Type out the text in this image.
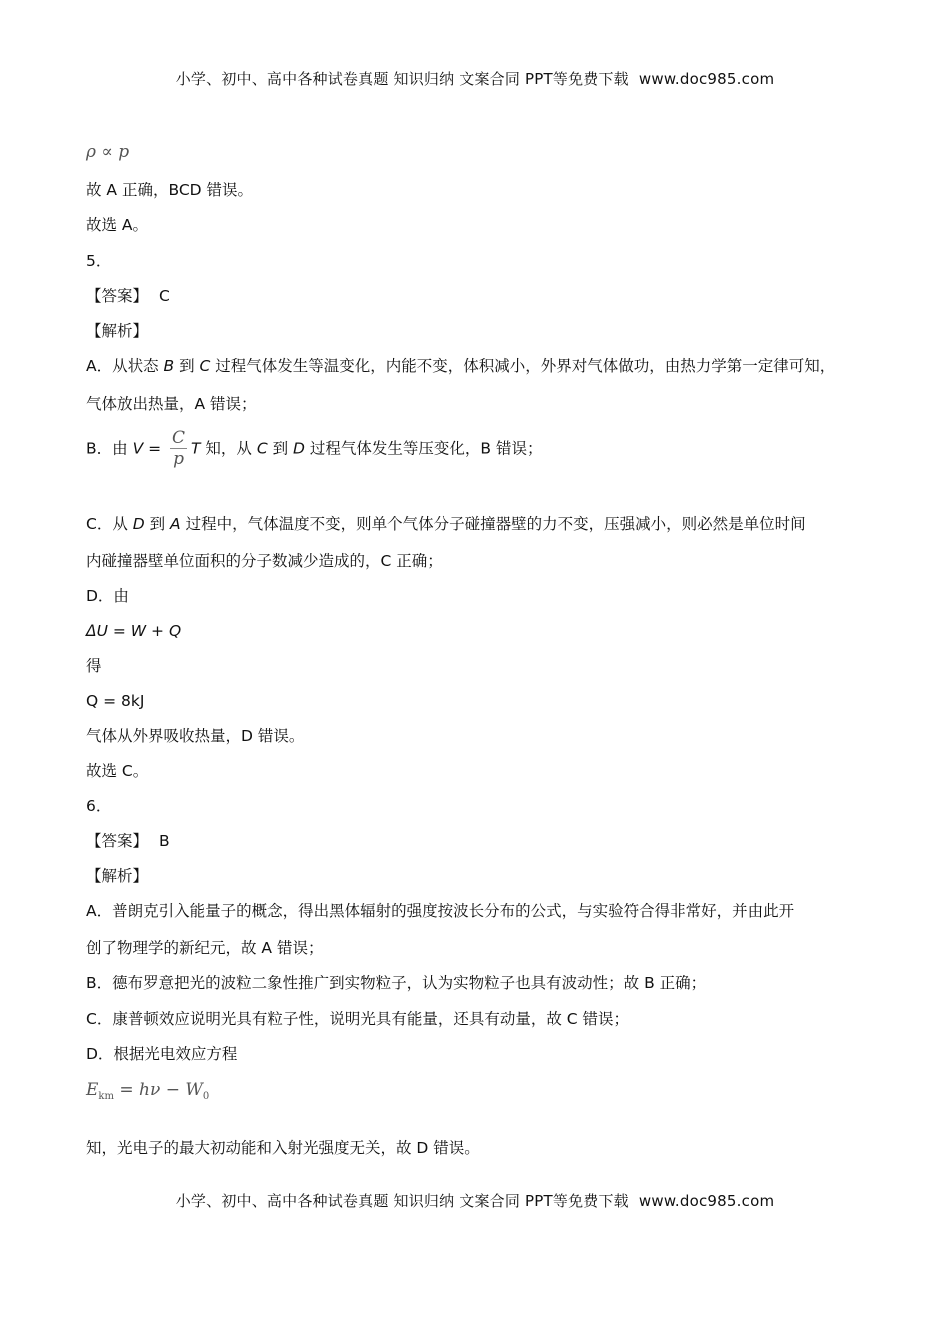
小学、初中、高中各种试卷真题 知识归纳 文案合同 PPT等免费下载 www.doc985.com
ρ ∝ p
故 A 正确，BCD 错误。
故选 A。
5．
【答案】 C
【解析】
A．从状态 B 到 C 过程气体发生等温变化，内能不变，体积减小，外界对气体做功，由热力学第一定律可知，
气体放出热量，A 错误；
B．由 $V = \frac{C}{p}$ T 知，从 C 到 D 过程气体发生等压变化，B 错误；
C．从 D 到 A 过程中，气体温度不变，则单个气体分子碰撞器壁的力不变，压强减小，则必然是单位时间
内碰撞器壁单位面积的分子数减少造成的，C 正确；
D．由
ΔU = W + Q
得
Q = 8kJ
气体从外界吸收热量，D 错误。
故选 C。
6．
【答案】 B
【解析】
A．普朗克引入能量子的概念，得出黑体辐射的强度按波长分布的公式，与实验符合得非常好，并由此开
创了物理学的新纪元，故 A 错误；
B．德布罗意把光的波粒二象性推广到实物粒子，认为实物粒子也具有波动性；故 B 正确；
C．康普顿效应说明光具有粒子性，说明光具有能量，还具有动量，故 C 错误；
D．根据光电效应方程
$E_{km} = h\nu - W_0$
知，光电子的最大初动能和入射光强度无关，故 D 错误。
小学、初中、高中各种试卷真题 知识归纳 文案合同 PPT等免费下载 www.doc985.com
